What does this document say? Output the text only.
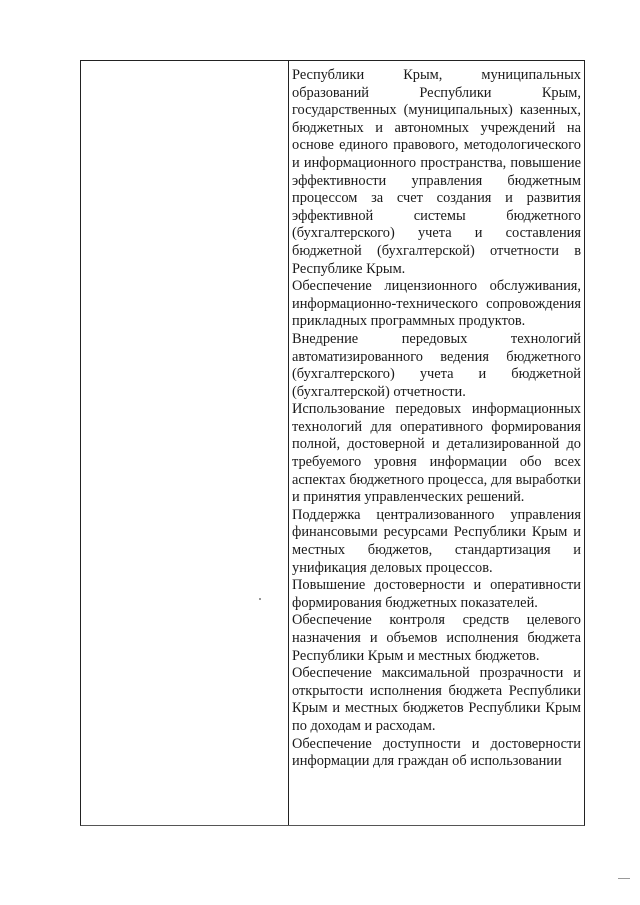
Республики Крым, муниципальных образований Республики Крым, государственных (муниципальных) казенных, бюджетных и автономных учреждений на основе единого правового, методологического и информационного пространства, повышение эффективности управления бюджетным процессом за счет создания и развития эффективной системы бюджетного (бухгалтерского) учета и составления бюджетной (бухгалтерской) отчетности в Республике Крым.

Обеспечение лицензионного обслуживания, информационно-технического сопровождения прикладных программных продуктов.

Внедрение передовых технологий автоматизированного ведения бюджетного (бухгалтерского) учета и бюджетной (бухгалтерской) отчетности.

Использование передовых информационных технологий для оперативного формирования полной, достоверной и детализированной до требуемого уровня информации обо всех аспектах бюджетного процесса, для выработки и принятия управленческих решений.

Поддержка централизованного управления финансовыми ресурсами Республики Крым и местных бюджетов, стандартизация и унификация деловых процессов.

Повышение достоверности и оперативности формирования бюджетных показателей.

Обеспечение контроля средств целевого назначения и объемов исполнения бюджета Республики Крым и местных бюджетов.

Обеспечение максимальной прозрачности и открытости исполнения бюджета Республики Крым и местных бюджетов Республики Крым по доходам и расходам.

Обеспечение доступности и достоверности информации для граждан об использовании
